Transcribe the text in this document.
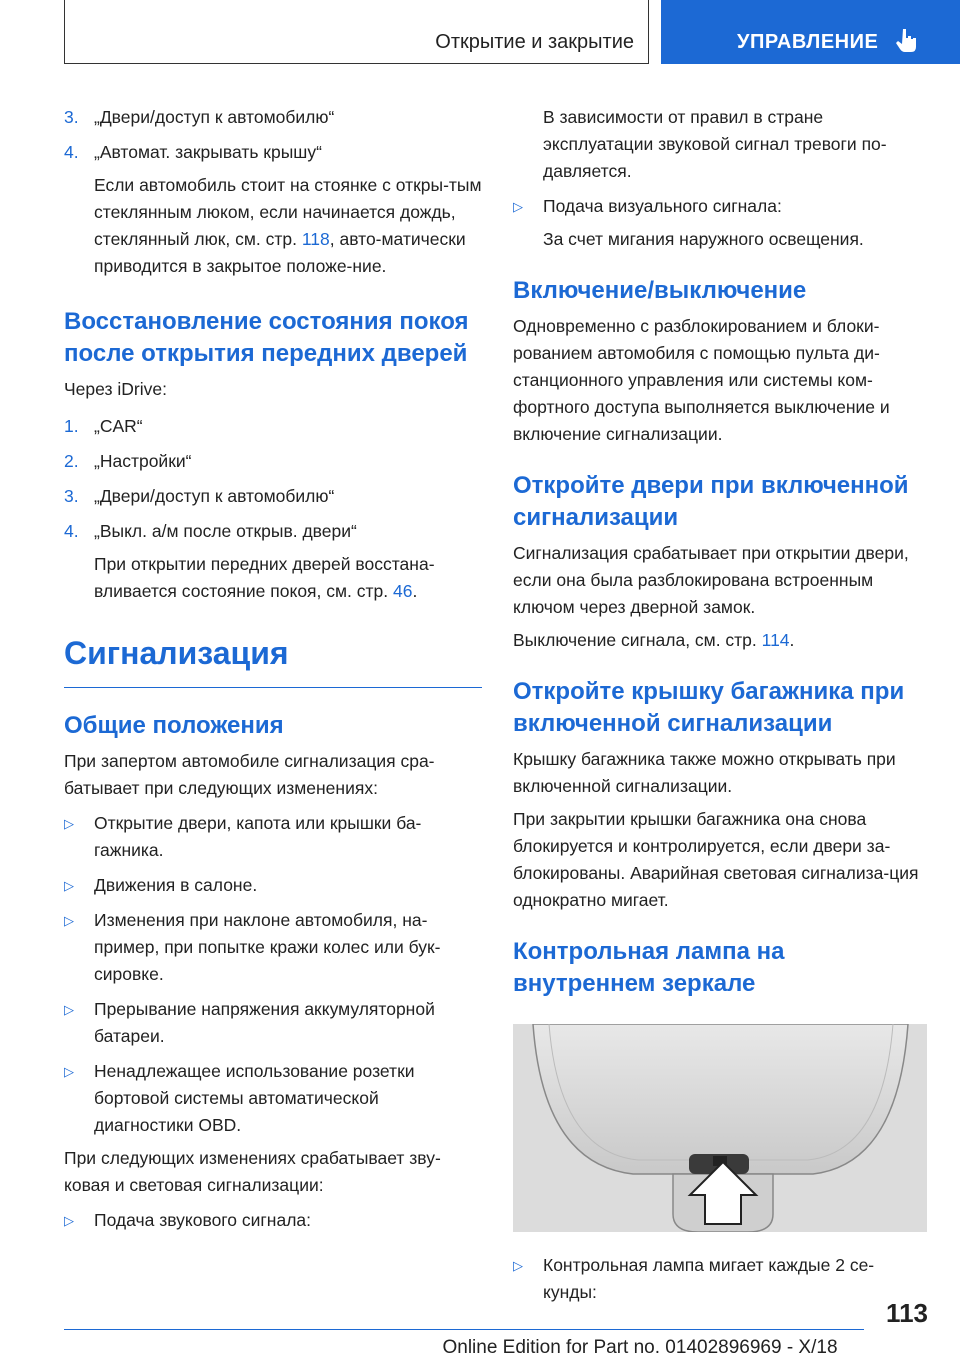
Открытие и закрытие	УПРАВЛЕНИЕ
3. „Двери/доступ к автомобилю“
4. „Автомат. закрывать крышу“

Если автомобиль стоит на стоянке с откры-тым стеклянным люком, если начинается дождь, стеклянный люк, см. стр. 118, авто-матически приводится в закрытое положе-ние.

Восстановление состояния покоя после открытия передних дверей

Через iDrive:

1. „CAR“
2. „Настройки“
3. „Двери/доступ к автомобилю“
4. „Выкл. а/м после открыв. двери“

При открытии передних дверей восстана-вливается состояние покоя, см. стр. 46.

Сигнализация
Общие положения

При запертом автомобиле сигнализация сра-батывает при следующих изменениях:

▷	Открытие двери, капота или крышки ба-гажника.
▷	Движения в салоне.
▷	Изменения при наклоне автомобиля, на-пример, при попытке кражи колес или бук-сировке.
▷	Прерывание напряжения аккумуляторной батареи.
▷	Ненадлежащее использование розетки бортовой системы автоматической диагностики OBD.

При следующих изменениях срабатывает зву-ковая и световая сигнализации:

▷	Подача звукового сигнала:

В зависимости от правил в стране эксплуатации звуковой сигнал тревоги по-давляется.

▷	Подача визуального сигнала:

За счет мигания наружного освещения.

Включение/выключение

Одновременно с разблокированием и блоки-рованием автомобиля с помощью пульта ди-станционного управления или системы ком-фортного доступа выполняется выключение и включение сигнализации.

Откройте двери при включенной сигнализации

Сигнализация срабатывает при открытии двери, если она была разблокирована встроенным ключом через дверной замок.

Выключение сигнала, см. стр. 114.

Откройте крышку багажника при включенной сигнализации

Крышку багажника также можно открывать при включенной сигнализации.

При закрытии крышки багажника она снова блокируется и контролируется, если двери за-блокированы. Аварийная световая сигнализа-ция однократно мигает.

Контрольная лампа на внутреннем зеркале
▷	Контрольная лампа мигает каждые 2 се-кунды:
113
Online Edition for Part no. 01402896969 - X/18
